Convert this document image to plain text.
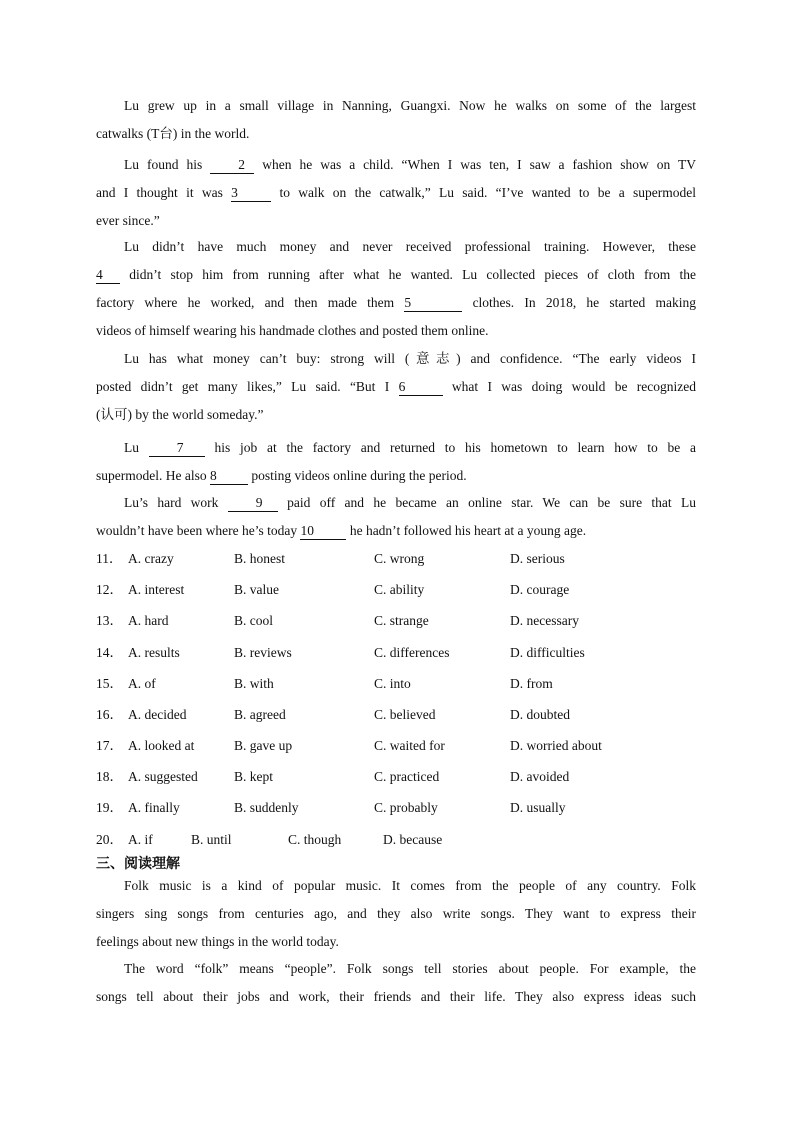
Lu grew up in a small village in Nanning, Guangxi. Now he walks on some of the largest
catwalks (T台) in the world.
Lu found his	2 when he was a child. “When I was ten, I saw a fashion show on TV
and I thought it was 3	to walk on the catwalk,” Lu said. “I’ve wanted to be a supermodel
ever since.”
Lu didn’t have much money and never received professional training. However, these
4 didn’t stop him from running after what he wanted. Lu collected pieces of cloth from the
factory where he worked, and then made them 5	clothes. In 2018, he started making
videos of himself wearing his handmade clothes and posted them online.
Lu has what money can’t buy: strong will (意志) and confidence. “The early videos I
posted didn’t get many likes,” Lu said. “But I 6	what I was doing would be recognized
(认可) by the world someday.”
Lu	7 his job at the factory and returned to his hometown to learn how to be a
supermodel. He also 8	posting videos online during the period.
Lu’s hard work	9 paid off and he became an online star. We can be sure that Lu
wouldn’t have been where he’s today 10	he hadn’t followed his heart at a young age.
11． A. crazy	B. honest	C. wrong	D. serious
12． A. interest	B. value	C. ability	D. courage
13． A. hard	B. cool	C. strange	D. necessary
14． A. results	B. reviews	C. differences	D. difficulties
15． A. of	B. with	C. into	D. from
16． A. decided	B. agreed	C. believed	D. doubted
17． A. looked at	B. gave up	C. waited for	D. worried about
18． A. suggested	B. kept	C. practiced	D. avoided
19． A. finally	B. suddenly	C. probably	D. usually
20． A. if	B. until	C. though	D. because
三、阅读理解
Folk music is a kind of popular music. It comes from the people of any country. Folk
singers sing songs from centuries ago, and they also write songs. They want to express their
feelings about new things in the world today.
The word “folk” means “people”. Folk songs tell stories about people. For example, the
songs tell about their jobs and work, their friends and their life. They also express ideas such
